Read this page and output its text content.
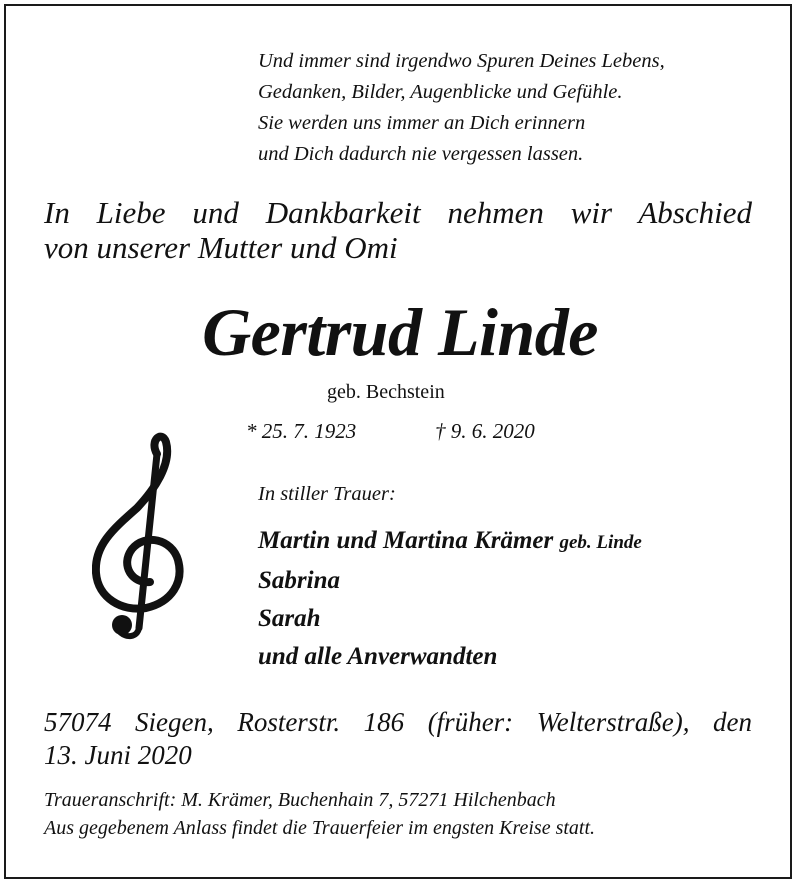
Und immer sind irgendwo Spuren Deines Lebens,
Gedanken, Bilder, Augenblicke und Gefühle.
Sie werden uns immer an Dich erinnern
und Dich dadurch nie vergessen lassen.
In Liebe und Dankbarkeit nehmen wir Abschied
von unserer Mutter und Omi
Gertrud Linde
geb. Bechstein
* 25. 7. 1923	† 9. 6. 2020
In stiller Trauer:
Martin und Martina Krämer geb. Linde
Sabrina
Sarah
und alle Anverwandten
57074 Siegen, Rosterstr. 186 (früher: Welterstraße), den
13. Juni 2020
Traueranschrift: M. Krämer, Buchenhain 7, 57271 Hilchenbach
Aus gegebenem Anlass findet die Trauerfeier im engsten Kreise statt.
